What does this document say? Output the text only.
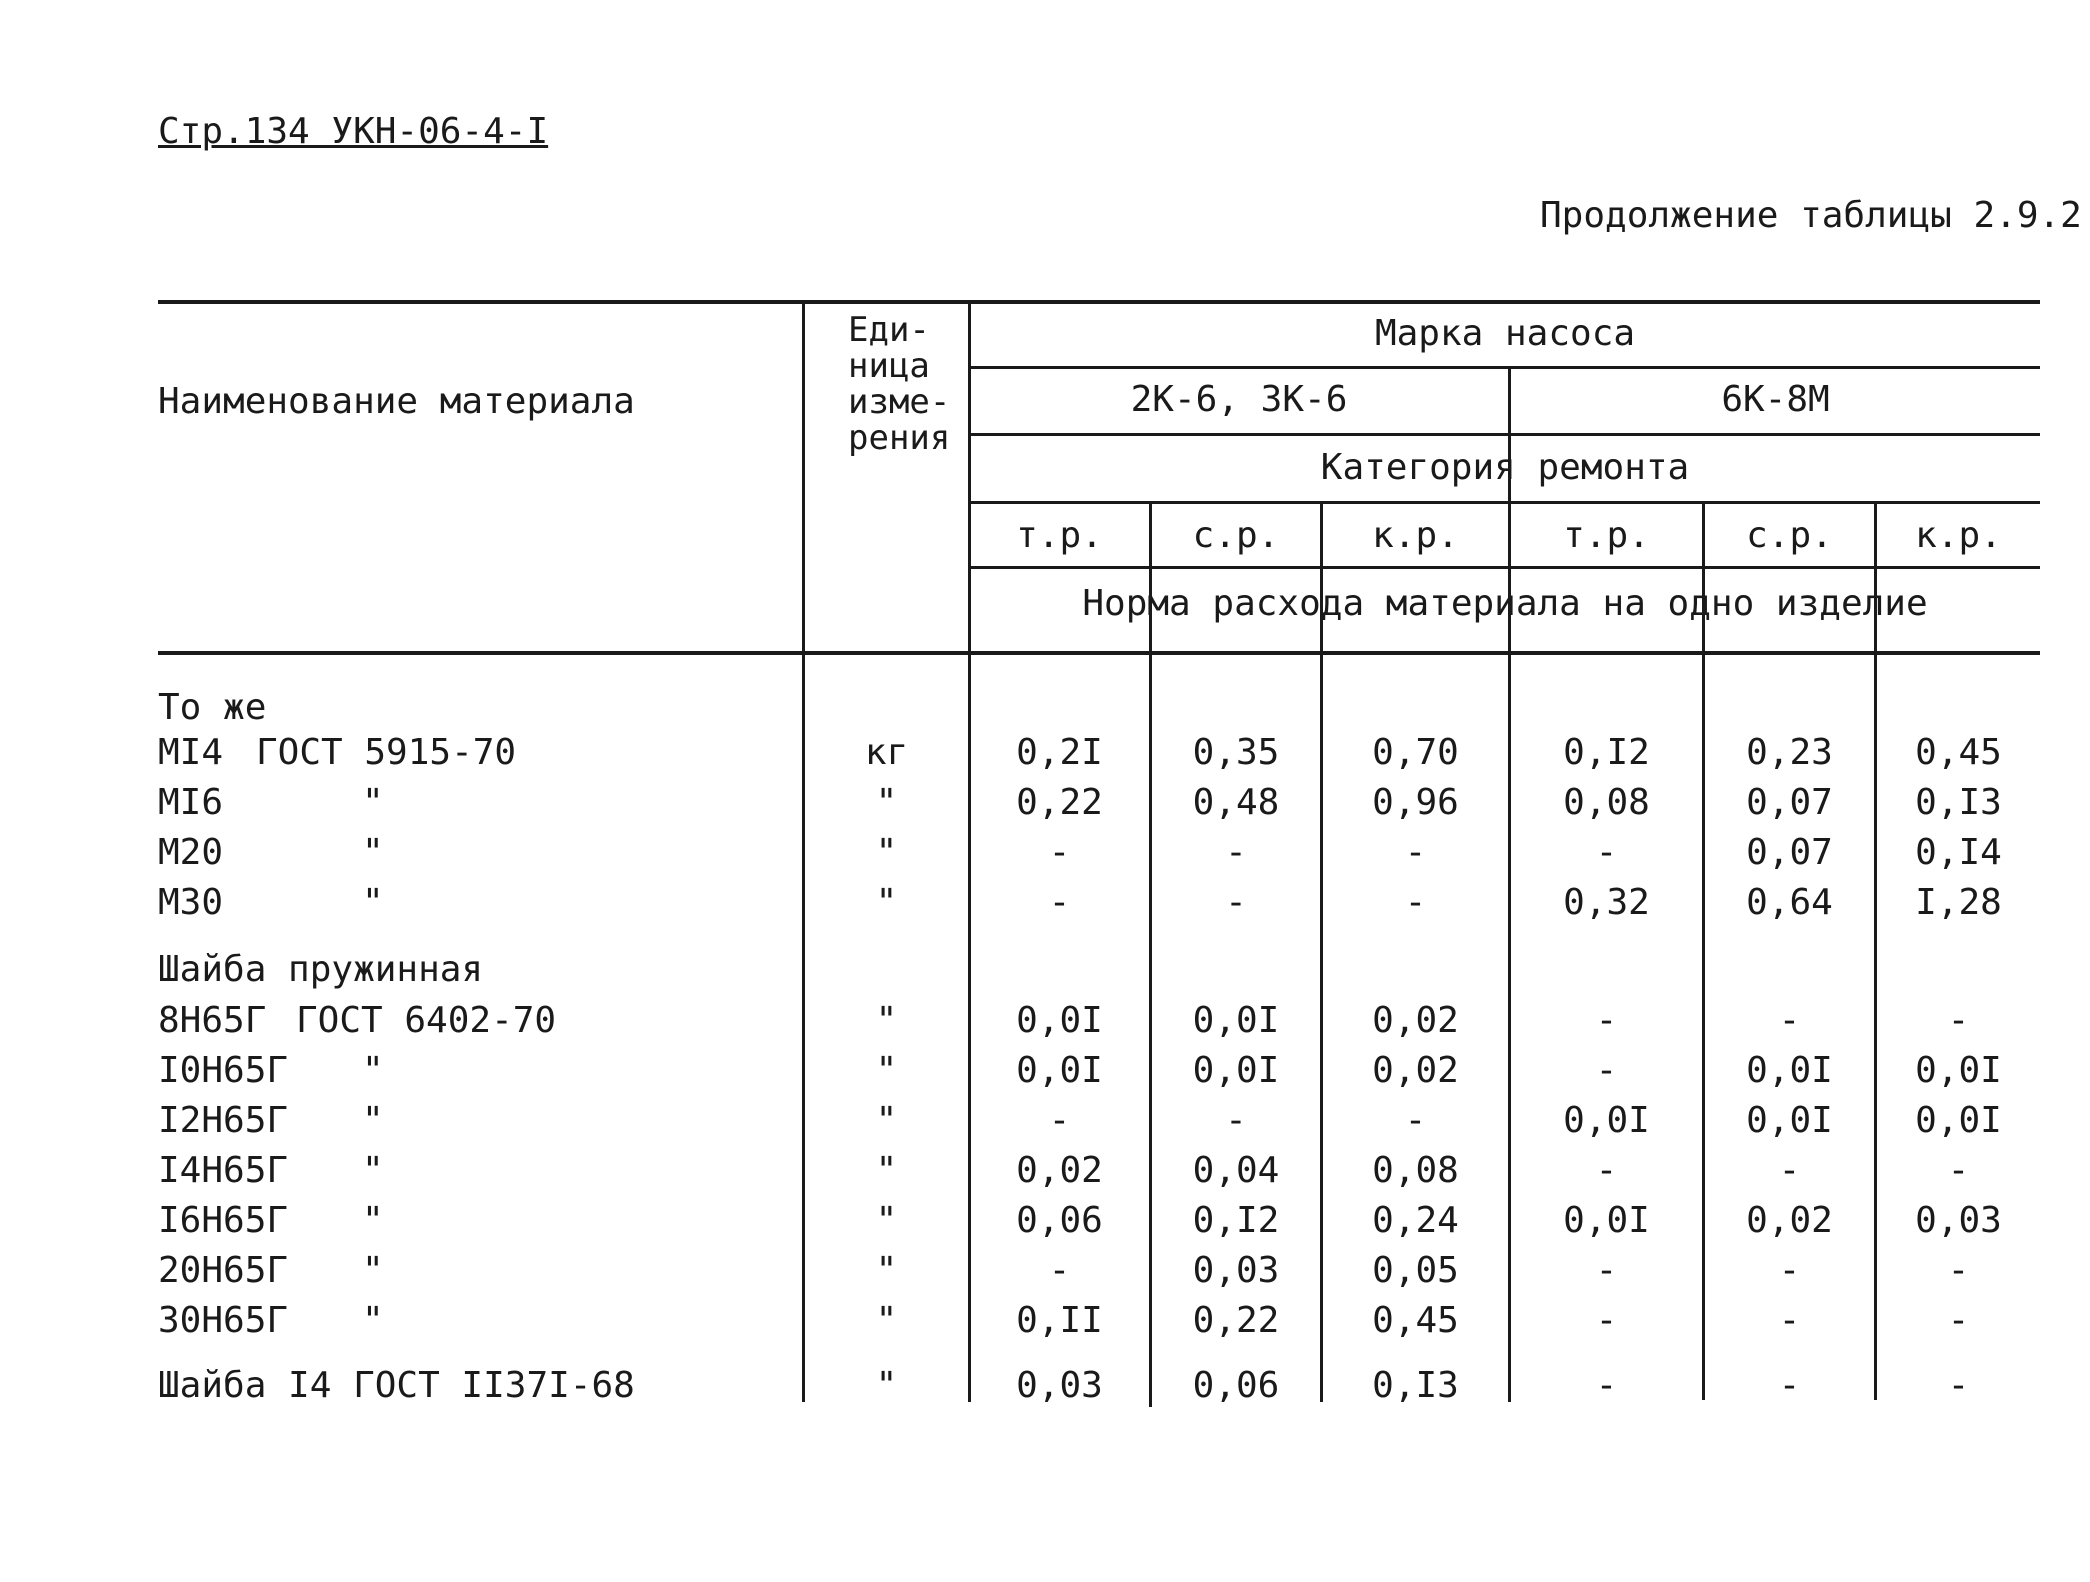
Стр.134 УКН-06-4-I
Продолжение таблицы 2.9.2
Наименование материала
Еди-
ница
изме-
рения
Марка насоса
2К-6, 3К-6	6К-8М
Категория ремонта
т.р.	с.р.	к.р.	т.р.	с.р.	к.р.
Норма расхода материала на одно изделие
То же
МI4 ГОСТ 5915-70	кг	0,2I	0,35	0,70	0,I2	0,23	0,45
МI6	"	"	0,22	0,48	0,96	0,08	0,07	0,I3
М20	"	"	-	-	-	-	0,07	0,I4
М30	"	"	-	-	-	0,32	0,64	I,28
Шайба пружинная
8Н65Г ГОСТ 6402-70	"	0,0I	0,0I	0,02	-	-	-
I0Н65Г "	"	0,0I	0,0I	0,02	-	0,0I	0,0I
I2Н65Г "	"	-	-	-	0,0I	0,0I	0,0I
I4Н65Г "	"	0,02	0,04	0,08	-	-	-
I6Н65Г "	"	0,06	0,I2	0,24	0,0I	0,02	0,03
20Н65Г "	"	-	0,03	0,05	-	-	-
30Н65Г "	"	0,II	0,22	0,45	-	-	-
Шайба I4 ГОСТ II37I-68	"	0,03	0,06	0,I3	-	-	-
